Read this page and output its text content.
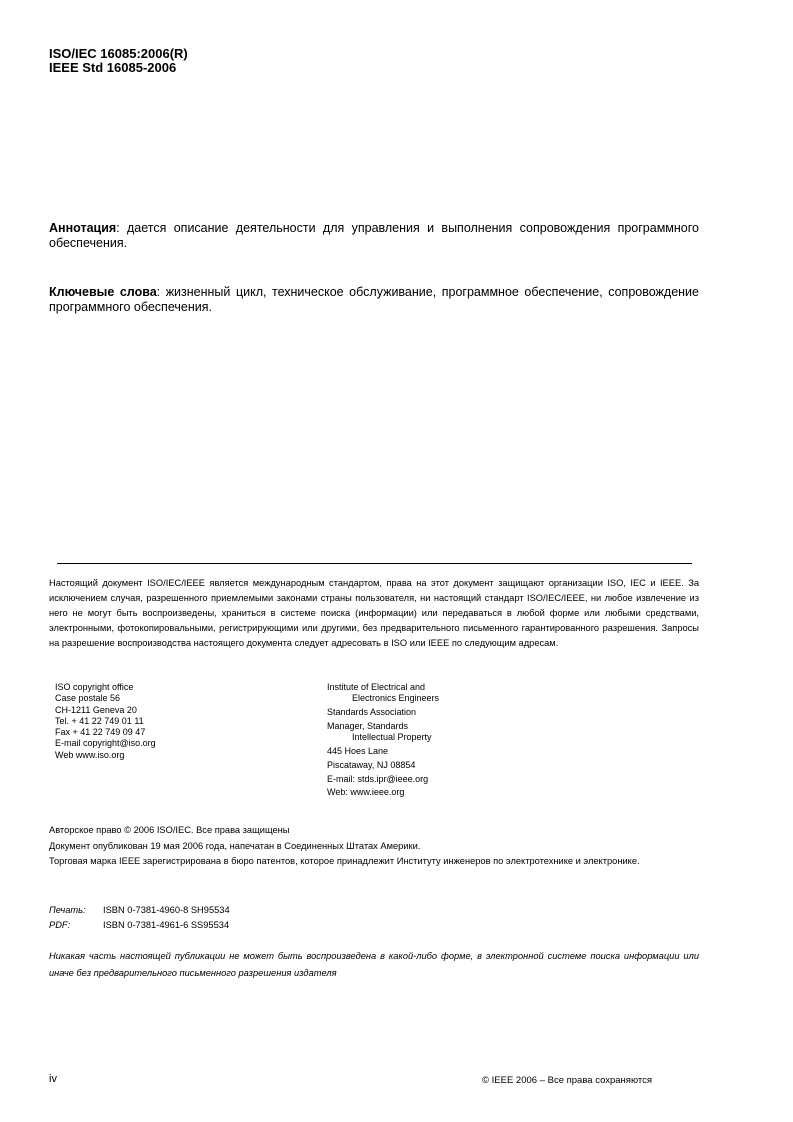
ISO/IEC 16085:2006(R)
IEEE Std 16085-2006
Аннотация: дается описание деятельности для управления и выполнения сопровождения программного обеспечения.
Ключевые слова: жизненный цикл, техническое обслуживание, программное обеспечение, сопровождение программного обеспечения.
Настоящий документ ISO/IEC/IEEE является международным стандартом, права на этот документ защищают организации ISO, IEC и IEEE. За исключением случая, разрешенного приемлемыми законами страны пользователя, ни настоящий стандарт ISO/IEC/IEEE, ни любое извлечение из него не могут быть воспроизведены, храниться в системе поиска (информации) или передаваться в любой форме или любыми средствами, электронными, фотокопировальными, регистрирующими или другими, без предварительного письменного гарантированного разрешения. Запросы на разрешение воспроизводства настоящего документа следует адресовать в ISO или IEEE по следующим адресам.
ISO copyright office
Case postale 56
CH-1211 Geneva 20
Tel. + 41 22 749 01 11
Fax + 41 22 749 09 47
E-mail copyright@iso.org
Web www.iso.org
Institute of Electrical and
Electronics Engineers
Standards Association
Manager, Standards
Intellectual Property
445 Hoes Lane
Piscataway, NJ 08854
E-mail: stds.ipr@ieee.org
Web: www.ieee.org
Авторское право © 2006 ISO/IEC. Все права защищены
Документ опубликован 19 мая 2006 года, напечатан в Соединенных Штатах Америки.
Торговая марка IEEE зарегистрирована в бюро патентов, которое принадлежит Институту инженеров по электротехнике и электронике.
Печать: ISBN 0-7381-4960-8 SH95534
PDF:	ISBN 0-7381-4961-6 SS95534
Никакая часть настоящей публикации не может быть воспроизведена в какой-либо форме, в электронной системе поиска информации или иначе без предварительного письменного разрешения издателя
iv	© IEEE 2006 – Все права сохраняются
